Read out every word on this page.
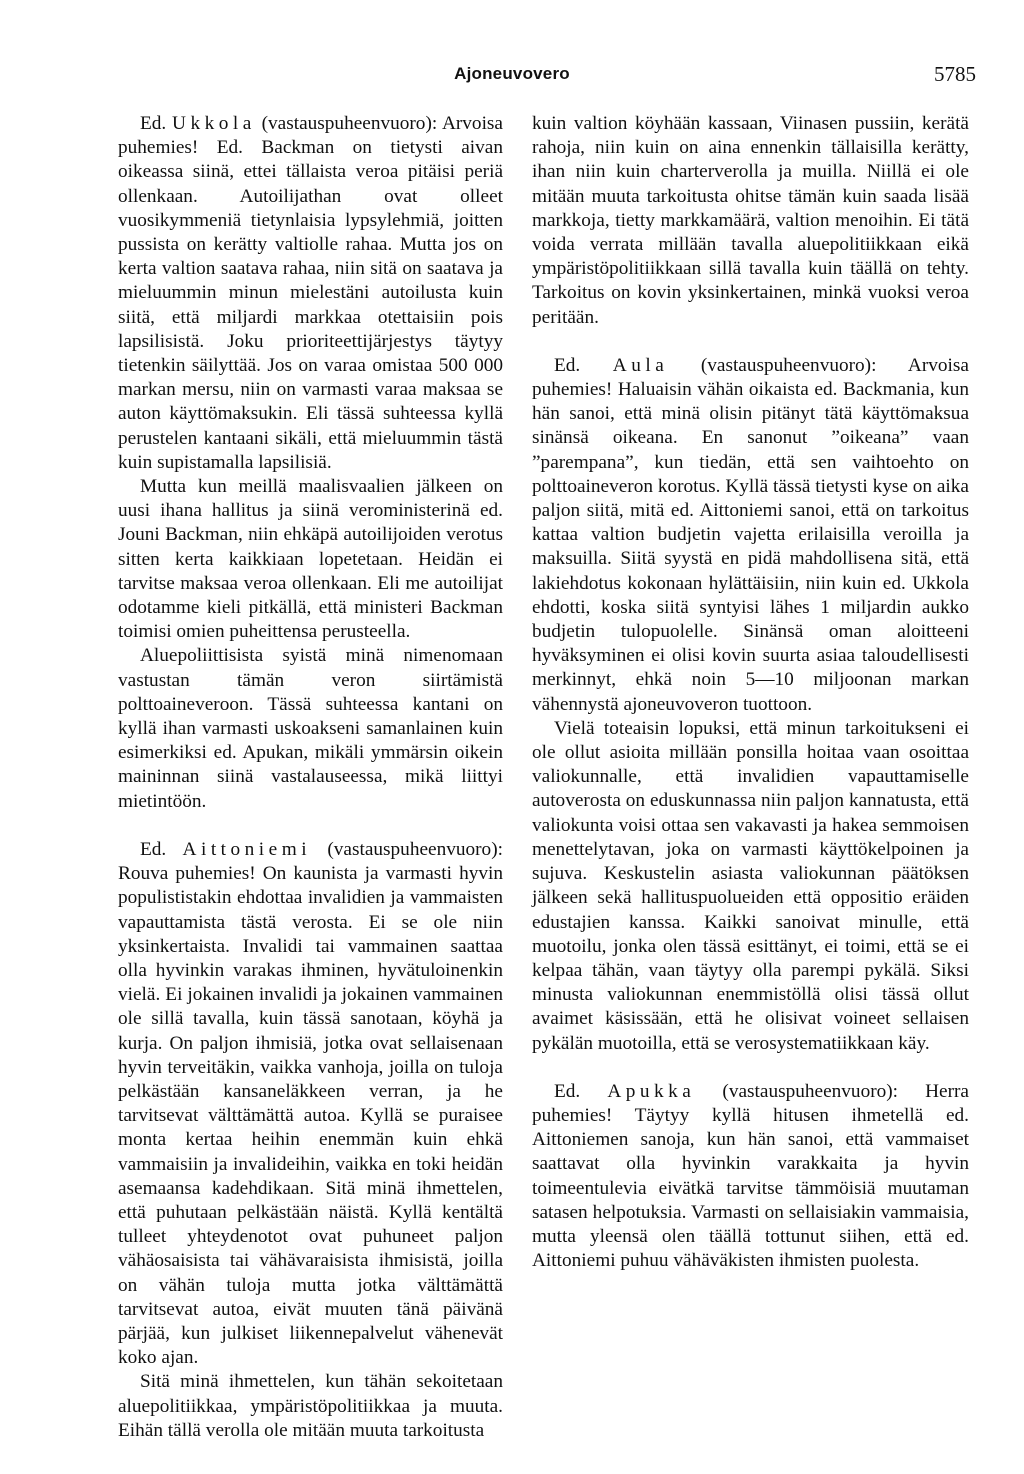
Ajoneuvovero	5785

Ed. Ukkola (vastauspuheenvuoro): Arvoisa puhemies! Ed. Backman on tietysti aivan oikeassa siinä, ettei tällaista veroa pitäisi periä ollenkaan. Autoilijathan ovat olleet vuosikymmeniä tietynlaisia lypsylehmiä, joitten pussista on kerätty valtiolle rahaa. Mutta jos on kerta valtion saatava rahaa, niin sitä on saatava ja mieluummin minun mielestäni autoilusta kuin siitä, että miljardi markkaa otettaisiin pois lapsilisistä. Joku prioriteettijärjestys täytyy tietenkin säilyttää. Jos on varaa omistaa 500 000 markan mersu, niin on varmasti varaa maksaa se auton käyttömaksukin. Eli tässä suhteessa kyllä perustelen kantaani sikäli, että mieluummin tästä kuin supistamalla lapsilisiä.

Mutta kun meillä maalisvaalien jälkeen on uusi ihana hallitus ja siinä veroministerinä ed. Jouni Backman, niin ehkäpä autoilijoiden verotus sitten kerta kaikkiaan lopetetaan. Heidän ei tarvitse maksaa veroa ollenkaan. Eli me autoilijat odotamme kieli pitkällä, että ministeri Backman toimisi omien puheittensa perusteella.

Aluepoliittisista syistä minä nimenomaan vastustan tämän veron siirtämistä polttoaineveroon. Tässä suhteessa kantani on kyllä ihan varmasti uskoakseni samanlainen kuin esimerkiksi ed. Apukan, mikäli ymmärsin oikein maininnan siinä vastalauseessa, mikä liittyi mietintöön.

Ed. Aittoniemi (vastauspuheenvuoro): Rouva puhemies! On kaunista ja varmasti hyvin populististakin ehdottaa invalidien ja vammaisten vapauttamista tästä verosta. Ei se ole niin yksinkertaista. Invalidi tai vammainen saattaa olla hyvinkin varakas ihminen, hyvätuloinenkin vielä. Ei jokainen invalidi ja jokainen vammainen ole sillä tavalla, kuin tässä sanotaan, köyhä ja kurja. On paljon ihmisiä, jotka ovat sellaisenaan hyvin terveitäkin, vaikka vanhoja, joilla on tuloja pelkästään kansaneläkkeen verran, ja he tarvitsevat välttämättä autoa. Kyllä se puraisee monta kertaa heihin enemmän kuin ehkä vammaisiin ja invalideihin, vaikka en toki heidän asemaansa kadehdikaan. Sitä minä ihmettelen, että puhutaan pelkästään näistä. Kyllä kentältä tulleet yhteydenotot ovat puhuneet paljon vähäosaisista tai vähävaraisista ihmisistä, joilla on vähän tuloja mutta jotka välttämättä tarvitsevat autoa, eivät muuten tänä päivänä pärjää, kun julkiset liikennepalvelut vähenevät koko ajan.

Sitä minä ihmettelen, kun tähän sekoitetaan aluepolitiikkaa, ympäristöpolitiikkaa ja muuta. Eihän tällä verolla ole mitään muuta tarkoitusta

kuin valtion köyhään kassaan, Viinasen pussiin, kerätä rahoja, niin kuin on aina ennenkin tällaisilla kerätty, ihan niin kuin charterverolla ja muilla. Niillä ei ole mitään muuta tarkoitusta ohitse tämän kuin saada lisää markkoja, tietty markkamäärä, valtion menoihin. Ei tätä voida verrata millään tavalla aluepolitiikkaan eikä ympäristöpolitiikkaan sillä tavalla kuin täällä on tehty. Tarkoitus on kovin yksinkertainen, minkä vuoksi veroa peritään.

Ed. Aula (vastauspuheenvuoro): Arvoisa puhemies! Haluaisin vähän oikaista ed. Backmania, kun hän sanoi, että minä olisin pitänyt tätä käyttömaksua sinänsä oikeana. En sanonut ”oikeana” vaan ”parempana”, kun tiedän, että sen vaihtoehto on polttoaineveron korotus. Kyllä tässä tietysti kyse on aika paljon siitä, mitä ed. Aittoniemi sanoi, että on tarkoitus kattaa valtion budjetin vajetta erilaisilla veroilla ja maksuilla. Siitä syystä en pidä mahdollisena sitä, että lakiehdotus kokonaan hylättäisiin, niin kuin ed. Ukkola ehdotti, koska siitä syntyisi lähes 1 miljardin aukko budjetin tulopuolelle. Sinänsä oman aloitteeni hyväksyminen ei olisi kovin suurta asiaa taloudellisesti merkinnyt, ehkä noin 5—10 miljoonan markan vähennystä ajoneuvoveron tuottoon.

Vielä toteaisin lopuksi, että minun tarkoitukseni ei ole ollut asioita millään ponsilla hoitaa vaan osoittaa valiokunnalle, että invalidien vapauttamiselle autoverosta on eduskunnassa niin paljon kannatusta, että valiokunta voisi ottaa sen vakavasti ja hakea semmoisen menettelytavan, joka on varmasti käyttökelpoinen ja sujuva. Keskustelin asiasta valiokunnan päätöksen jälkeen sekä hallituspuolueiden että oppositio eräiden edustajien kanssa. Kaikki sanoivat minulle, että muotoilu, jonka olen tässä esittänyt, ei toimi, että se ei kelpaa tähän, vaan täytyy olla parempi pykälä. Siksi minusta valiokunnan enemmistöllä olisi tässä ollut avaimet käsissään, että he olisivat voineet sellaisen pykälän muotoilla, että se verosystematiikkaan käy.

Ed. Apukka (vastauspuheenvuoro): Herra puhemies! Täytyy kyllä hitusen ihmetellä ed. Aittoniemen sanoja, kun hän sanoi, että vammaiset saattavat olla hyvinkin varakkaita ja hyvin toimeentulevia eivätkä tarvitse tämmöisiä muutaman satasen helpotuksia. Varmasti on sellaisiakin vammaisia, mutta yleensä olen täällä tottunut siihen, että ed. Aittoniemi puhuu vähäväkisten ihmisten puolesta.
